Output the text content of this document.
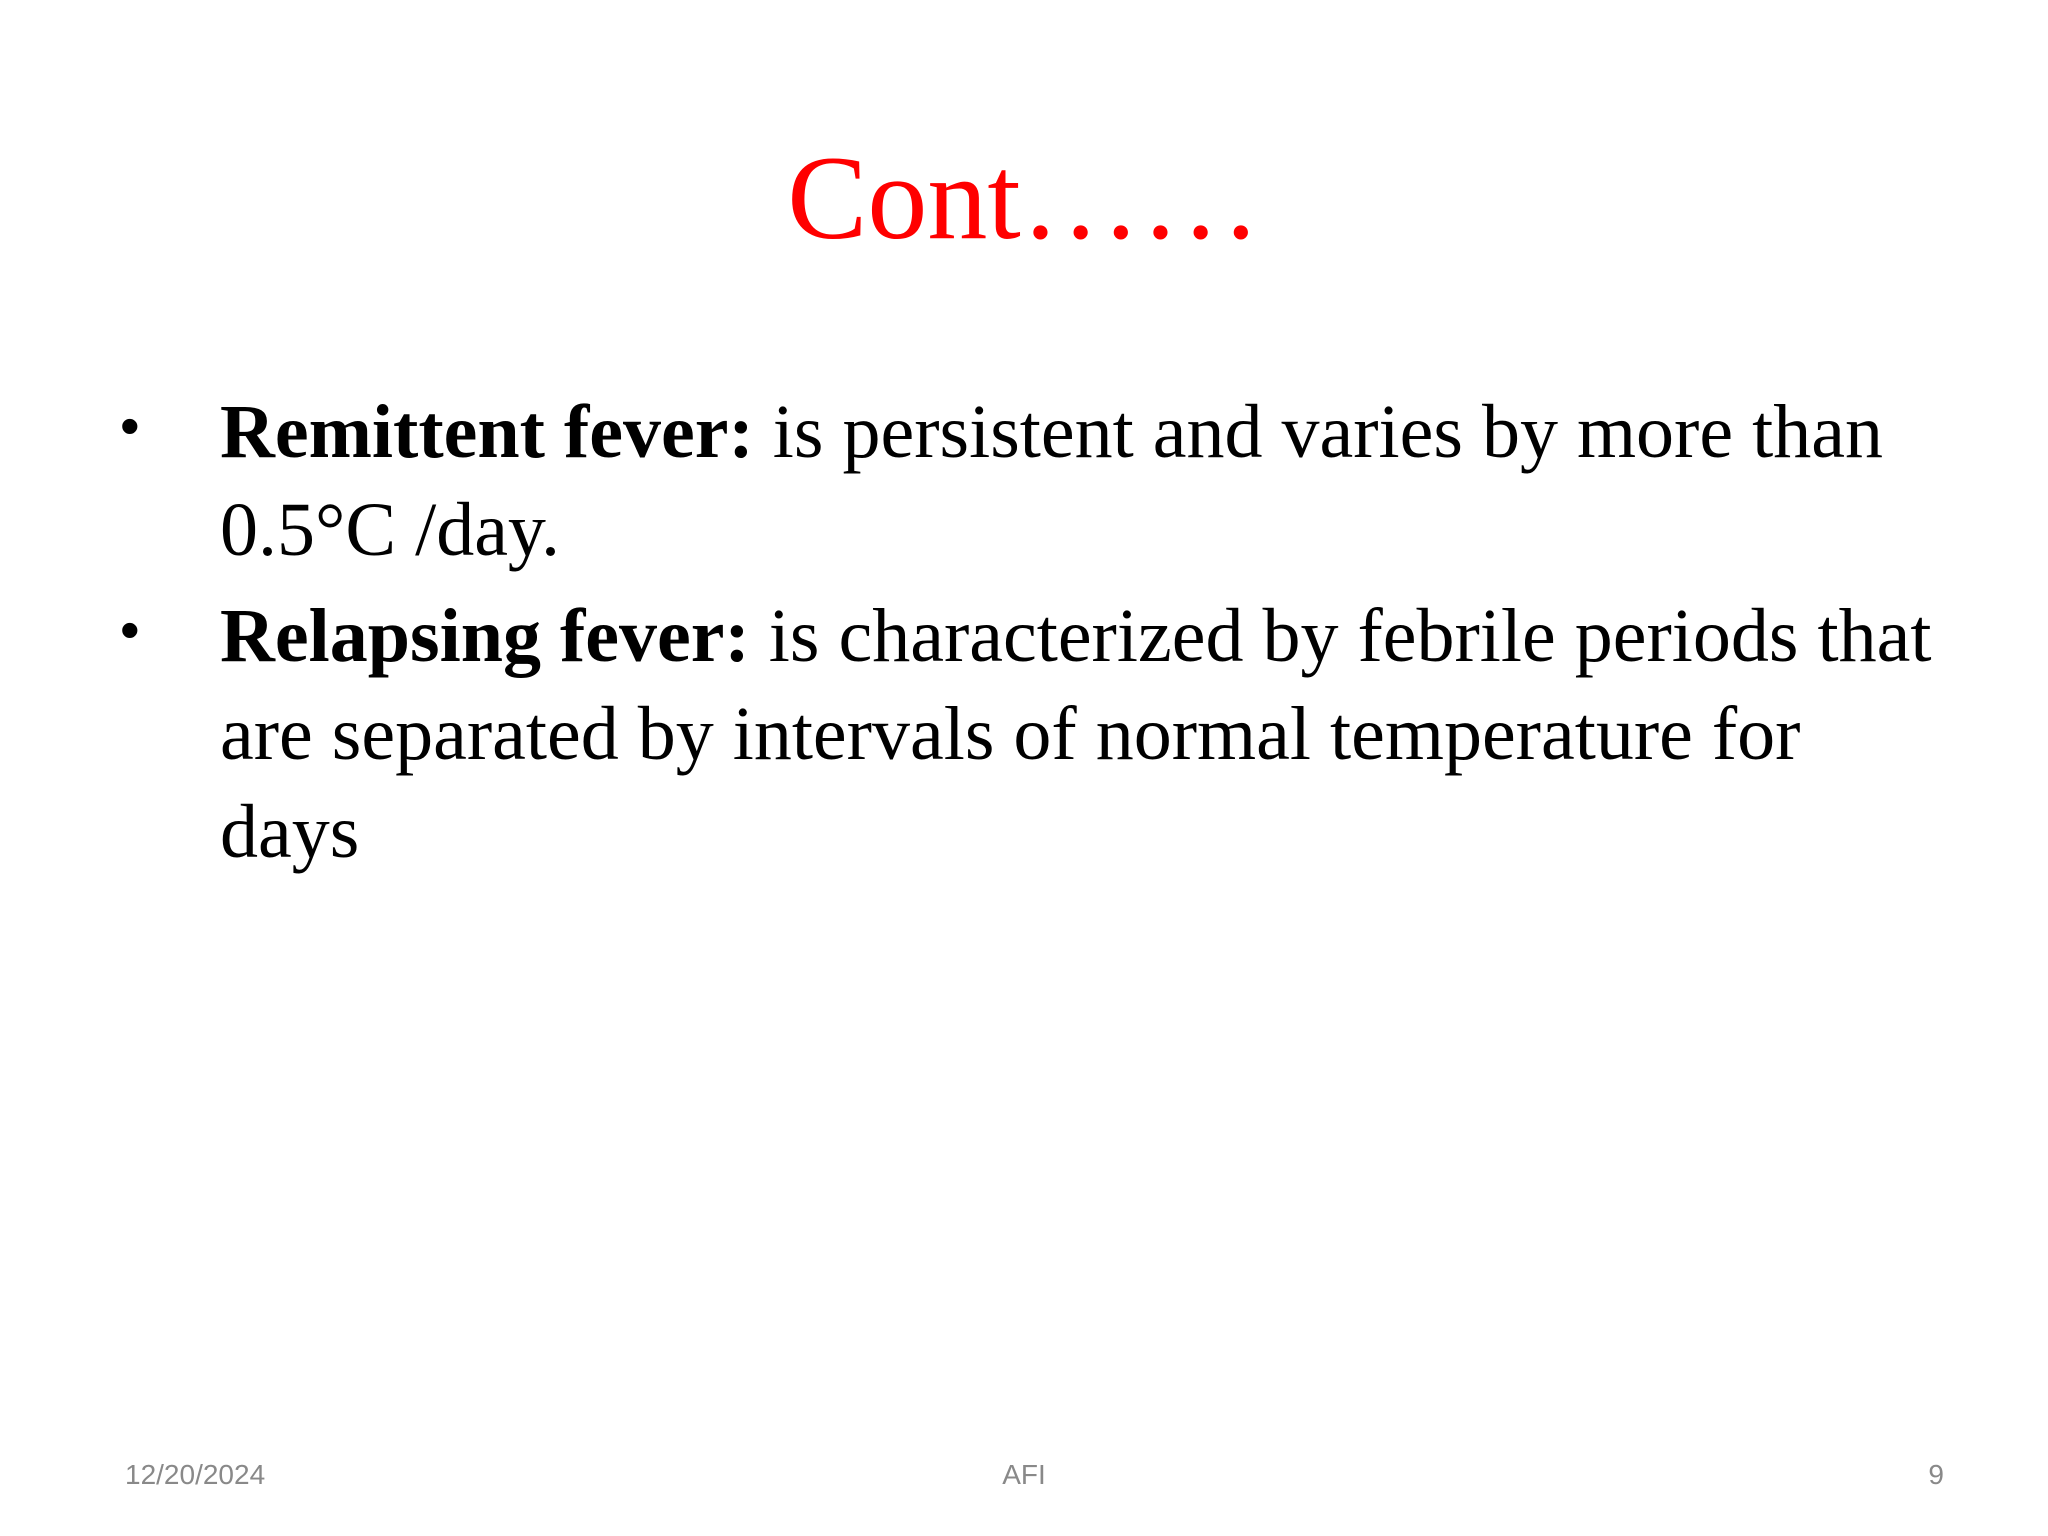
Cont……
• Remittent fever: is persistent and varies by more than 0.5°C /day.
• Relapsing fever: is characterized by febrile periods that are separated by intervals of normal temperature for days
12/20/2024	AFI	9
